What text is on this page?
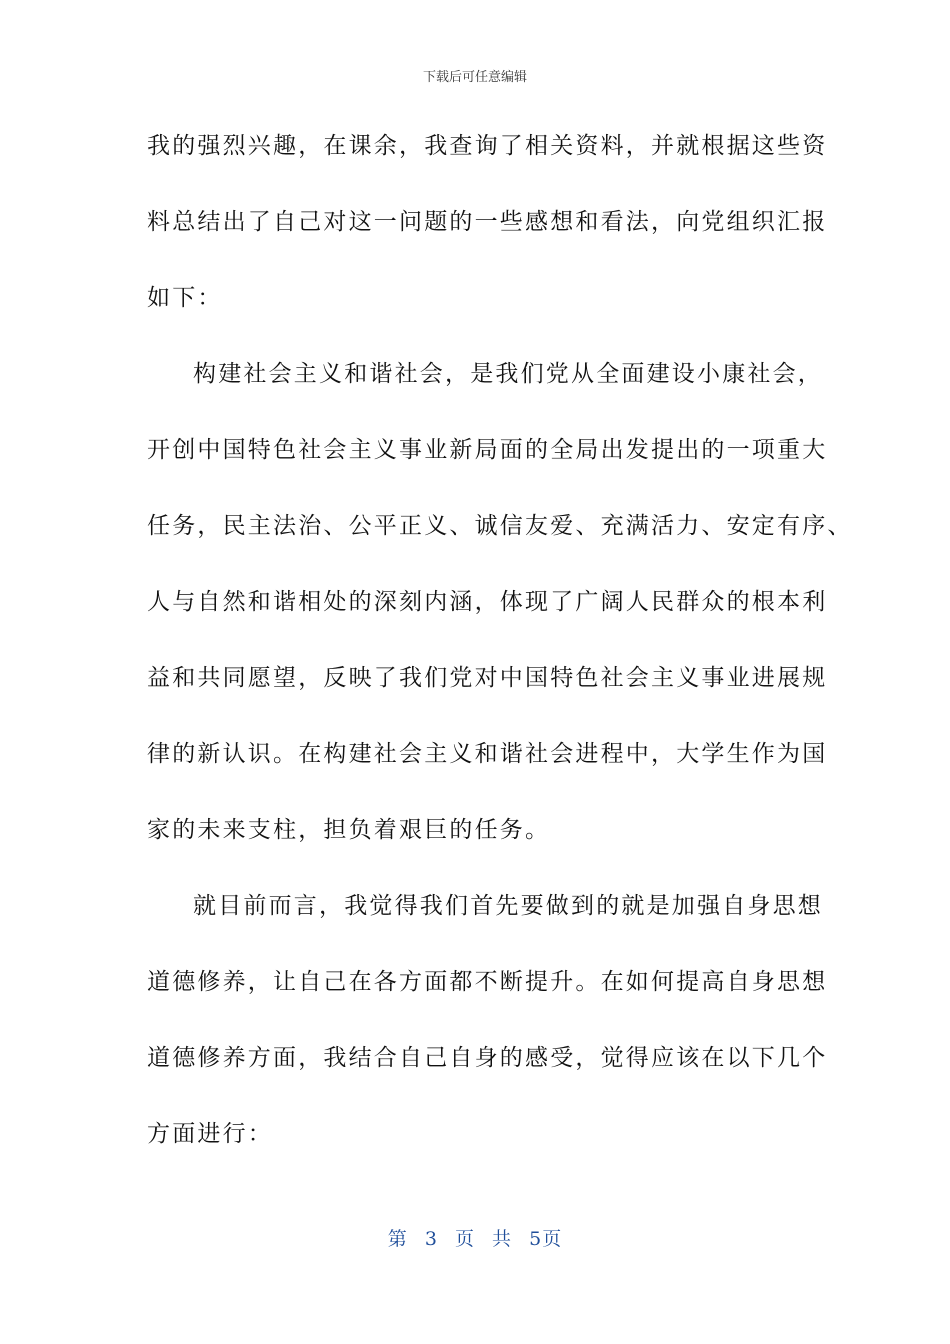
下载后可任意编辑
我的强烈兴趣，在课余，我查询了相关资料，并就根据这些资
料总结出了自己对这一问题的一些感想和看法，向党组织汇报
如下：
构建社会主义和谐社会，是我们党从全面建设小康社会，
开创中国特色社会主义事业新局面的全局出发提出的一项重大
任务，民主法治、公平正义、诚信友爱、充满活力、安定有序、
人与自然和谐相处的深刻内涵，体现了广阔人民群众的根本利
益和共同愿望，反映了我们党对中国特色社会主义事业进展规
律的新认识。在构建社会主义和谐社会进程中，大学生作为国
家的未来支柱，担负着艰巨的任务。
就目前而言，我觉得我们首先要做到的就是加强自身思想
道德修养，让自己在各方面都不断提升。在如何提高自身思想
道德修养方面，我结合自己自身的感受，觉得应该在以下几个
方面进行：
第 3 页 共 5页
